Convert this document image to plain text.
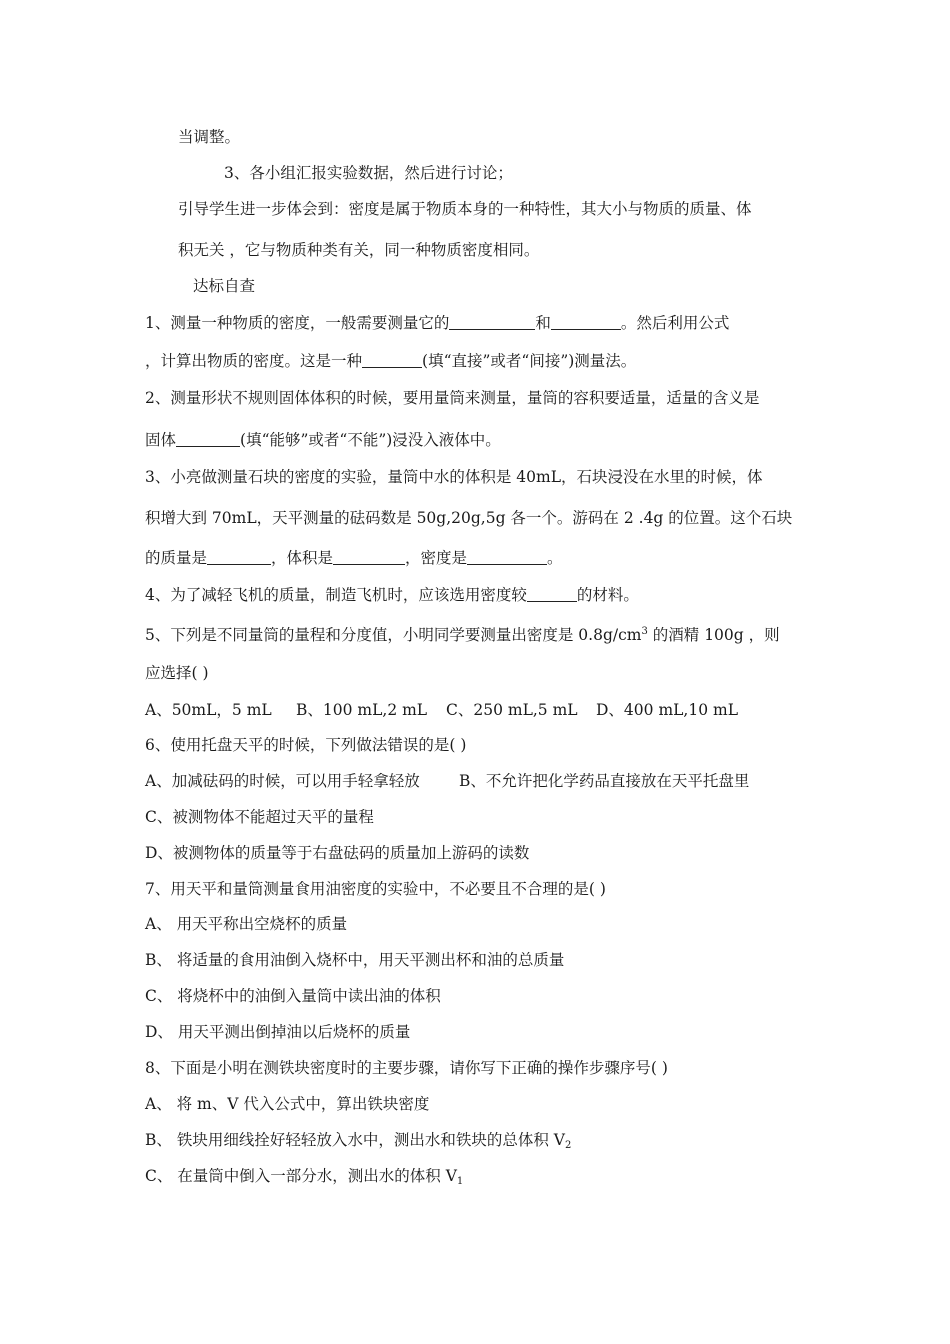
当调整。
3、各小组汇报实验数据，然后进行讨论；
引导学生进一步体会到：密度是属于物质本身的一种特性，其大小与物质的质量、体
积无关 ，它与物质种类有关，同一种物质密度相同。
达标自查
1、测量一种物质的密度，一般需要测量它的	和	。然后利用公式
，计算出物质的密度。这是一种	(填“直接”或者“间接”)测量法。
2、测量形状不规则固体体积的时候，要用量筒来测量，量筒的容积要适量，适量的含义是
固体	(填“能够”或者“不能”)浸没入液体中。
3、小亮做测量石块的密度的实验，量筒中水的体积是 40mL，石块浸没在水里的时候，体
积增大到 70mL，天平测量的砝码数是 50g,20g,5g 各一个。游码在 2 .4g 的位置。这个石块
的质量是	，体积是	，密度是	。
4、为了减轻飞机的质量，制造飞机时，应该选用密度较	的材料。
5、下列是不同量筒的量程和分度值，小明同学要测量出密度是 $0.8g/cm^3$ 的酒精 100g ，则
应选择( )
A、50mL，5 mL B、100 mL,2 mL C、250 mL,5 mL D、400 mL,10 mL
6、使用托盘天平的时候，下列做法错误的是( )
A、加减砝码的时候，可以用手轻拿轻放	B、不允许把化学药品直接放在天平托盘里
C、被测物体不能超过天平的量程
D、被测物体的质量等于右盘砝码的质量加上游码的读数
7、用天平和量筒测量食用油密度的实验中，不必要且不合理的是( )
A、 用天平称出空烧杯的质量
B、 将适量的食用油倒入烧杯中，用天平测出杯和油的总质量
C、 将烧杯中的油倒入量筒中读出油的体积
D、 用天平测出倒掉油以后烧杯的质量
8、下面是小明在测铁块密度时的主要步骤，请你写下正确的操作步骤序号( )
A、 将 m、V 代入公式中，算出铁块密度
B、 铁块用细线拴好轻轻放入水中，测出水和铁块的总体积 $V_2$
C、 在量筒中倒入一部分水，测出水的体积 $V_1$
